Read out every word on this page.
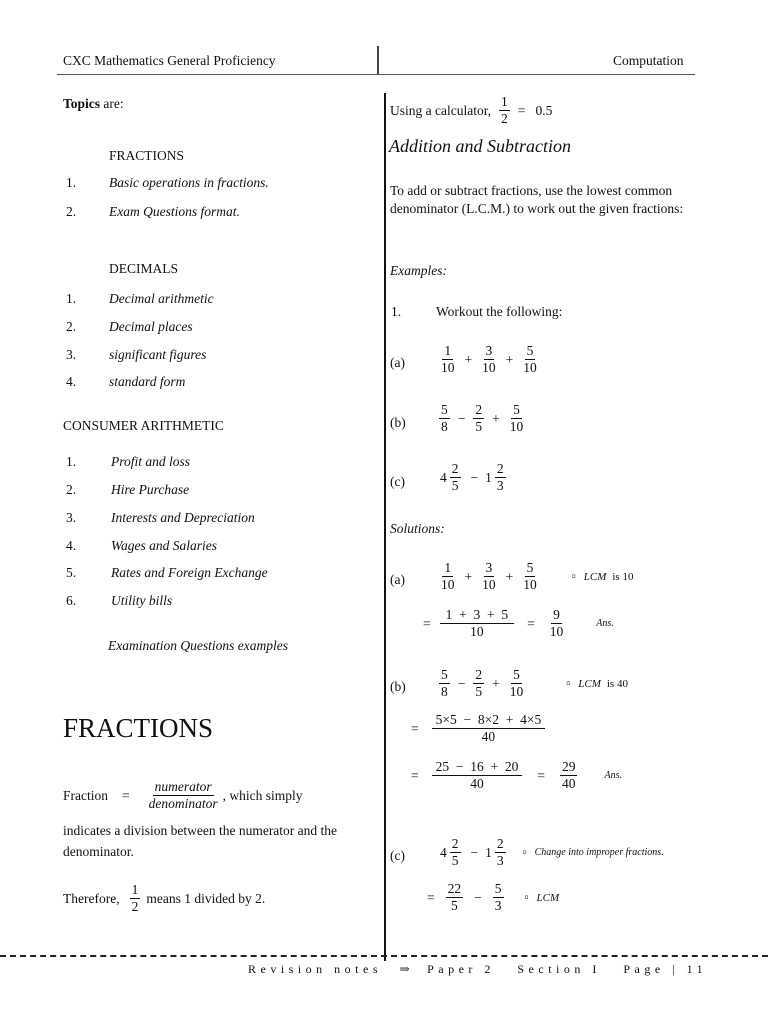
CXC Mathematics General Proficiency	Computation
Topics are:
FRACTIONS
1. Basic operations in fractions.
2. Exam Questions format.
DECIMALS
1. Decimal arithmetic
2. Decimal places
3. significant figures
4. standard form
CONSUMER ARITHMETIC
1.	Profit and loss
2.	Hire Purchase
3.	Interests and Depreciation
4.	Wages and Salaries
5.	Rates and Foreign Exchange
6.	Utility bills
Examination Questions examples
FRACTIONS
Fraction = $\frac{\text{numerator}}{\text{denominator}}$ , which simply
indicates a division between the numerator and the denominator.
Therefore, $\frac{1}{2}$ means 1 divided by 2.
Using a calculator, $\frac{1}{2} = 0.5$
Addition and Subtraction
To add or subtract fractions, use the lowest common denominator (L.C.M.) to work out the given fractions:
Examples:
1.	Workout the following:
(a)	$\frac{1}{10} + \frac{3}{10} + \frac{5}{10}$
$(b) \frac{5}{8} - \frac{2}{5} + \frac{5}{10}$
(c)	$4 \frac{2}{5} - 1 \frac{2}{3}$
Solutions:
(a)	$\frac{1}{10} + \frac{3}{10} + \frac{5}{10}$	¤ LCM is 10
= $\frac{1 + 3 + 5}{10} = \frac{9}{10}$	Ans.
$(b) \frac{5}{8} - \frac{2}{5} + \frac{5}{10}$	¤ LCM is 40
= $\frac{5\times 5 - 8\times 2 + 4\times 5}{40}$
= $\frac{25 - 16 + 20}{40} = \frac{29}{40}$	Ans.
(c)	$4 \frac{2}{5} - 1 \frac{2}{3}$ ¤ Change into improper fractions.
= $\frac{22}{5} - \frac{5}{3}$	¤ LCM
Revision notes ⇒ Paper 2   Section I   Page | 11
